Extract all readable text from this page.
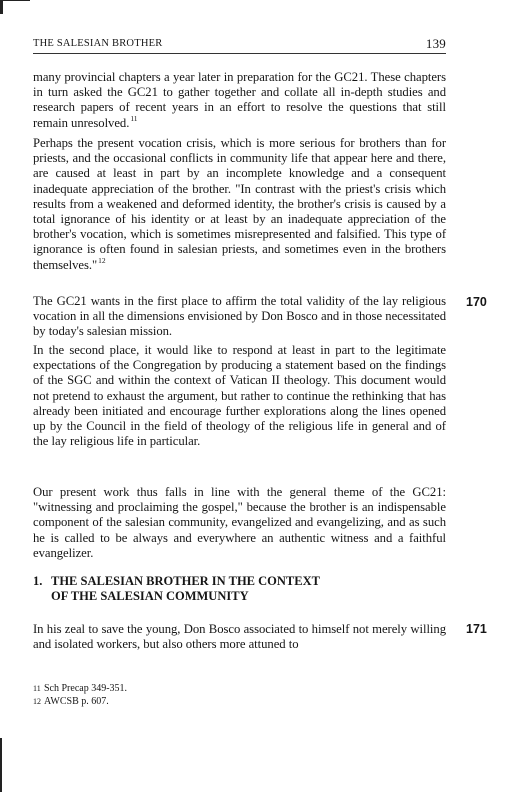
THE SALESIAN BROTHER	139

many provincial chapters a year later in preparation for the GC21. These chapters in turn asked the GC21 to gather together and collate all in-depth studies and research papers of recent years in an effort to resolve the questions that still remain unresolved.$^{11}$

Perhaps the present vocation crisis, which is more serious for brothers than for priests, and the occasional conflicts in community life that appear here and there, are caused at least in part by an incomplete knowledge and a consequent inadequate appreciation of the brother. "In contrast with the priest's crisis which results from a weakened and deformed identity, the brother's crisis is caused by a total ignorance of his identity or at least by an inadequate appreciation of the brother's vocation, which is sometimes misrepresented and falsified. This type of ignorance is often found in salesian priests, and sometimes even in the brothers themselves."$^{12}$

The GC21 wants in the first place to affirm the total validity of the lay religious vocation in all the dimensions envisioned by Don Bosco and in those necessitated by today's salesian mission.

170

In the second place, it would like to respond at least in part to the legitimate expectations of the Congregation by producing a statement based on the findings of the SGC and within the context of Vatican II theology. This document would not pretend to exhaust the argument, but rather to continue the rethinking that has already been initiated and encourage further explorations along the lines opened up by the Council in the field of theology of the religious life in general and of the lay religious life in particular.

Our present work thus falls in line with the general theme of the GC21: "witnessing and proclaiming the gospel," because the brother is an indispensable component of the salesian community, evangelized and evangelizing, and as such he is called to be always and everywhere an authentic witness and a faithful evangelizer.

1. THE SALESIAN BROTHER IN THE CONTEXT
OF THE SALESIAN COMMUNITY

In his zeal to save the young, Don Bosco associated to himself not merely willing and isolated workers, but also others more attuned to

171
11 Sch Precap 349-351.
12 AWCSB p. 607.
